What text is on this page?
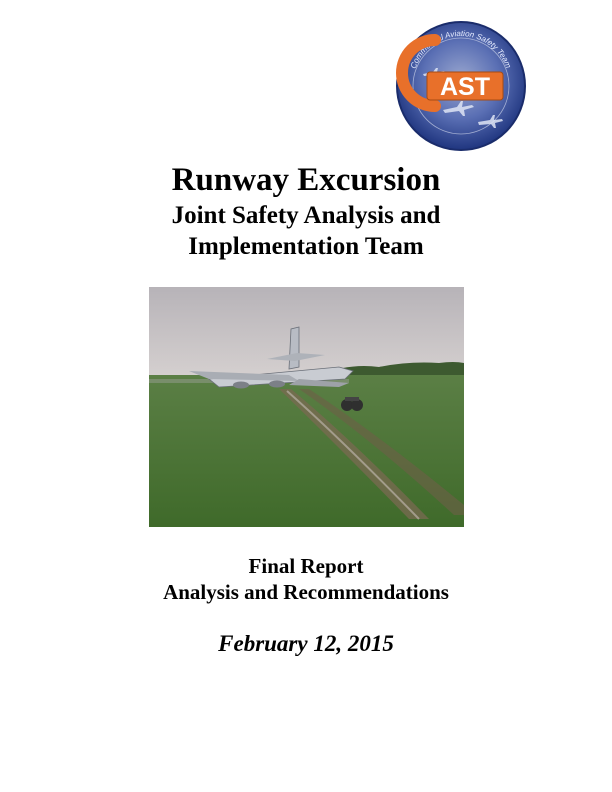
Commercial Aviation Safety Team
AST
Runway Excursion
Joint Safety Analysis and
Implementation Team
Final Report
Analysis and Recommendations
February 12, 2015
